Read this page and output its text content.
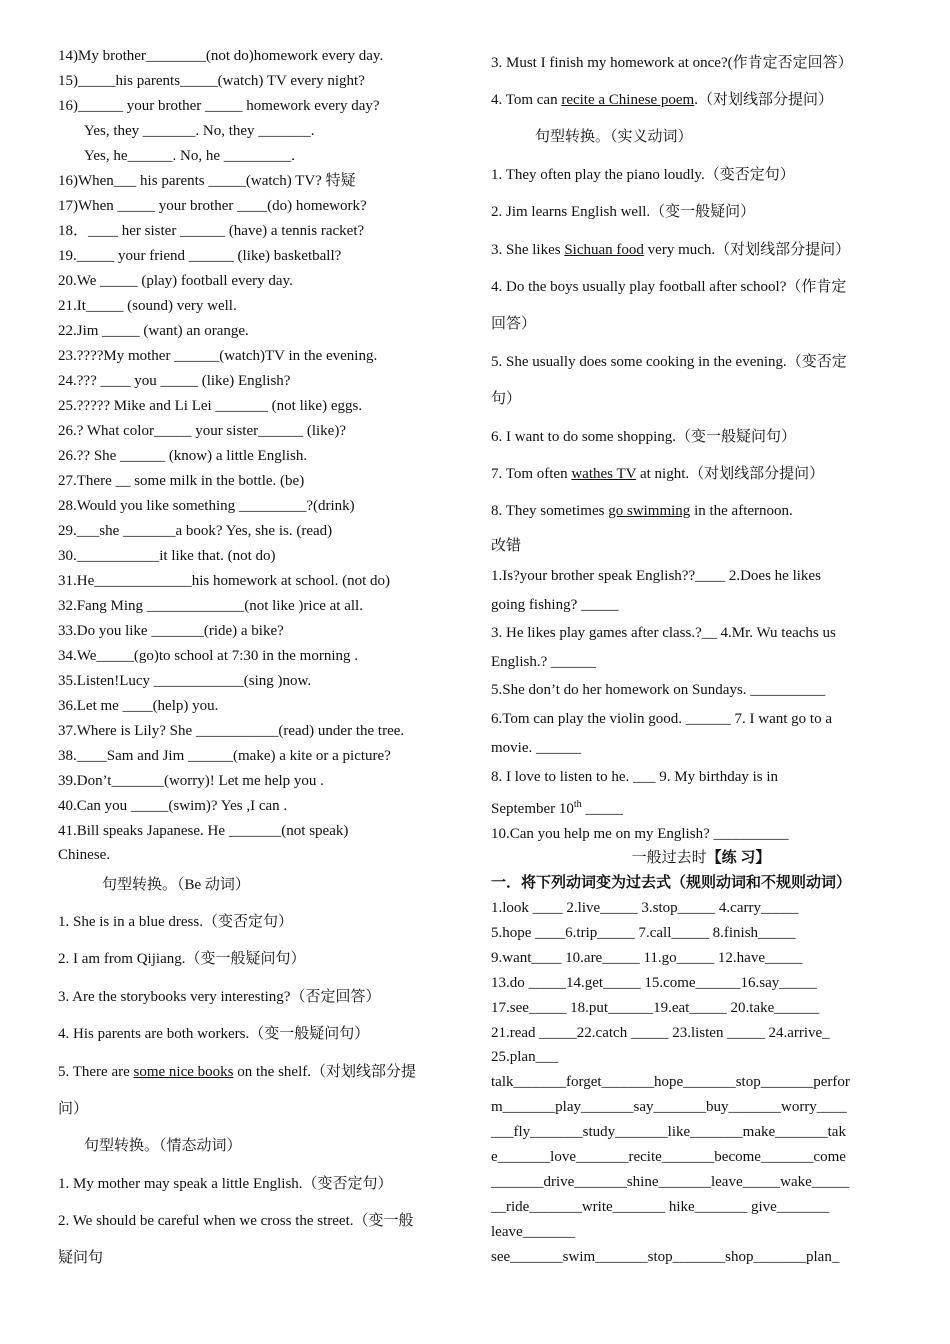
14)My brother________(not do)homework every day.
15)_____his parents_____(watch) TV every night?
16)______ your brother _____ homework every day?
Yes, they _______. No, they _______.
Yes, he______. No, he _________.
16)When___ his parents _____(watch) TV? 特疑
17)When _____ your brother ____(do) homework?
18．____ her sister ______ (have) a tennis racket?
19._____ your friend ______ (like) basketball?
20.We _____ (play) football every day.
21.It_____ (sound) very well.
22.Jim _____ (want) an orange.
23.????My mother ______(watch)TV in the evening.
24.??? ____ you _____ (like) English?
25.????? Mike and Li Lei _______ (not like) eggs.
26.? What color_____ your sister______ (like)?
26.?? She ______ (know) a little English.
27.There __ some milk in the bottle. (be)
28.Would you like something _________?(drink)
29.___she _______a book? Yes, she is. (read)
30.___________it like that. (not do)
31.He_____________his homework at school. (not do)
32.Fang Ming _____________(not like )rice at all.
33.Do you like _______(ride) a bike?
34.We_____(go)to school at 7:30 in the morning .
35.Listen!Lucy ____________(sing )now.
36.Let me ____(help) you.
37.Where is Lily? She ___________(read) under the tree.
38.____Sam and Jim ______(make) a kite or a picture?
39.Don’t_______(worry)! Let me help you .
40.Can you _____(swim)? Yes ,I can .
41.Bill speaks Japanese. He _______(not speak)
Chinese.
句型转换。（Be 动词）
1. She is in a blue dress.（变否定句）
2. I am from Qijiang.（变一般疑问句）
3. Are the storybooks very interesting?（否定回答）
4. His parents are both workers.（变一般疑问句）
5. There are some nice books on the shelf.（对划线部分提
问）
句型转换。（情态动词）
1. My mother may speak a little English.（变否定句）
2. We should be careful when we cross the street.（变一般
疑问句
3. Must I finish my homework at once?(作肯定否定回答）
4. Tom can recite a Chinese poem.（对划线部分提问）
句型转换。（实义动词）
1. They often play the piano loudly.（变否定句）
2. Jim learns English well.（变一般疑问）
3. She likes Sichuan food very much.（对划线部分提问）
4. Do the boys usually play football after school?（作肯定
回答）
5. She usually does some cooking in the evening.（变否定
句）
6. I want to do some shopping.（变一般疑问句）
7. Tom often wathes TV at night.（对划线部分提问）
8. They sometimes go swimming in the afternoon.
改错
1.Is?your brother speak English??____ 2.Does he likes
going fishing? _____
3. He likes play games after class.?__ 4.Mr. Wu teachs us
English.? ______
5.She don’t do her homework on Sundays. __________
6.Tom can play the violin good. ______ 7. I want go to a
movie. ______
8. I love to listen to he. ___ 9. My birthday is in
September 10th _____
10.Can you help me on my English? __________
一般过去时【练 习】
一．将下列动词变为过去式（规则动词和不规则动词）
1.look ____ 2.live_____ 3.stop_____ 4.carry_____
5.hope ____6.trip_____ 7.call_____ 8.finish_____
9.want____ 10.are_____ 11.go_____ 12.have_____
13.do _____14.get_____ 15.come______16.say_____
17.see_____ 18.put______19.eat_____ 20.take______
21.read _____22.catch _____ 23.listen _____ 24.arrive_
25.plan___
talk_______forget_______hope_______stop_______perfor
m_______play_______say_______buy_______worry____
___fly_______study_______like_______make_______tak
e_______love_______recite_______become_______come
_______drive_______shine_______leave_____wake_____
__ride_______write_______ hike_______ give_______
leave_______
see_______swim_______stop_______shop_______plan_
